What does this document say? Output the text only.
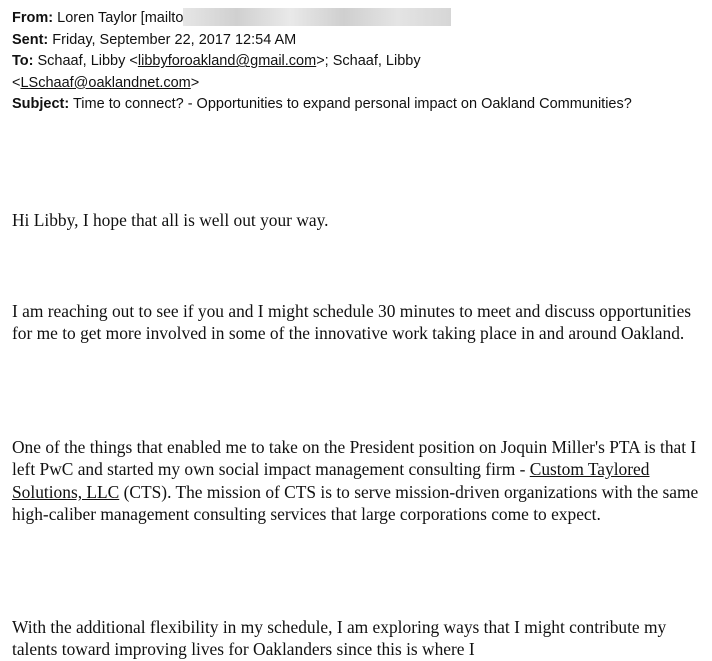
From: Loren Taylor [mailto
Sent: Friday, September 22, 2017 12:54 AM
To: Schaaf, Libby <libbyforoakland@gmail.com>; Schaaf, Libby
<LSchaaf@oaklandnet.com>
Subject: Time to connect? - Opportunities to expand personal impact on Oakland Communities?

Hi Libby, I hope that all is well out your way.

I am reaching out to see if you and I might schedule 30 minutes to meet and discuss opportunities for me to get more involved in some of the innovative work taking place in and around Oakland.

One of the things that enabled me to take on the President position on Joquin Miller's PTA is that I left PwC and started my own social impact management consulting firm - Custom Taylored Solutions, LLC (CTS). The mission of CTS is to serve mission-driven organizations with the same high-caliber management consulting services that large corporations come to expect.

With the additional flexibility in my schedule, I am exploring ways that I might contribute my talents toward improving lives for Oaklanders since this is where I
